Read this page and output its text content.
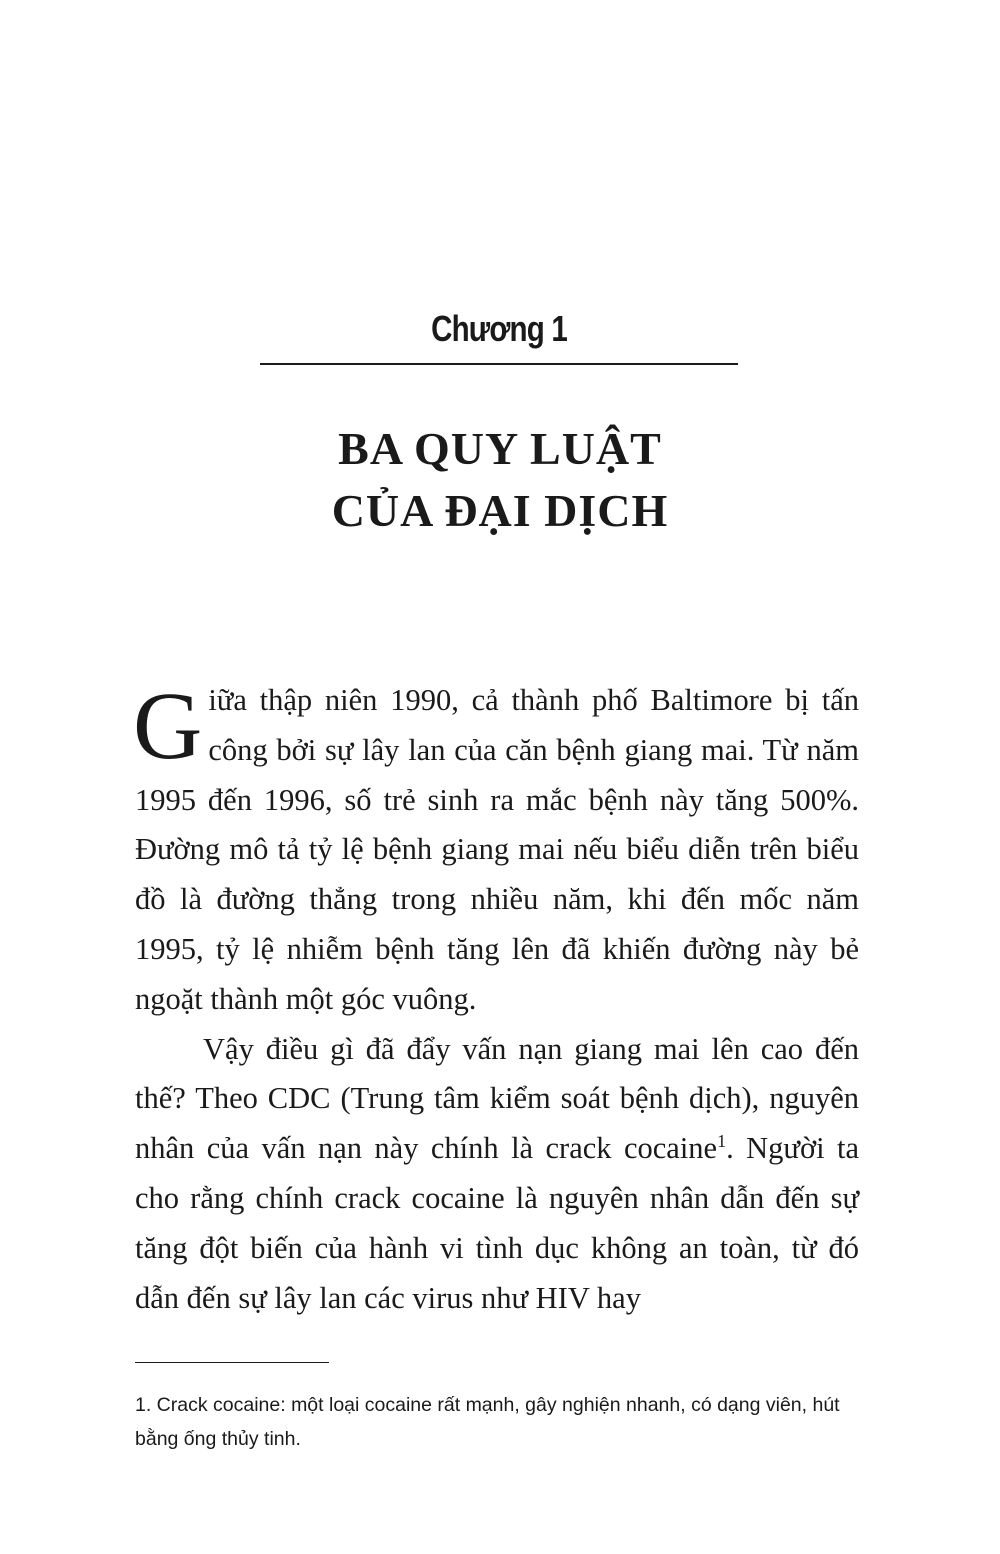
Chương 1
BA QUY LUẬT
CỦA ĐẠI DỊCH

Giữa thập niên 1990, cả thành phố Baltimore bị tấn công bởi sự lây lan của căn bệnh giang mai. Từ năm 1995 đến 1996, số trẻ sinh ra mắc bệnh này tăng 500%. Đường mô tả tỷ lệ bệnh giang mai nếu biểu diễn trên biểu đồ là đường thẳng trong nhiều năm, khi đến mốc năm 1995, tỷ lệ nhiễm bệnh tăng lên đã khiến đường này bẻ ngoặt thành một góc vuông.

Vậy điều gì đã đẩy vấn nạn giang mai lên cao đến thế? Theo CDC (Trung tâm kiểm soát bệnh dịch), nguyên nhân của vấn nạn này chính là crack cocaine$^1$. Người ta cho rằng chính crack cocaine là nguyên nhân dẫn đến sự tăng đột biến của hành vi tình dục không an toàn, từ đó dẫn đến sự lây lan các virus như HIV hay

1. Crack cocaine: một loại cocaine rất mạnh, gây nghiện nhanh, có dạng viên, hút bằng ống thủy tinh.
